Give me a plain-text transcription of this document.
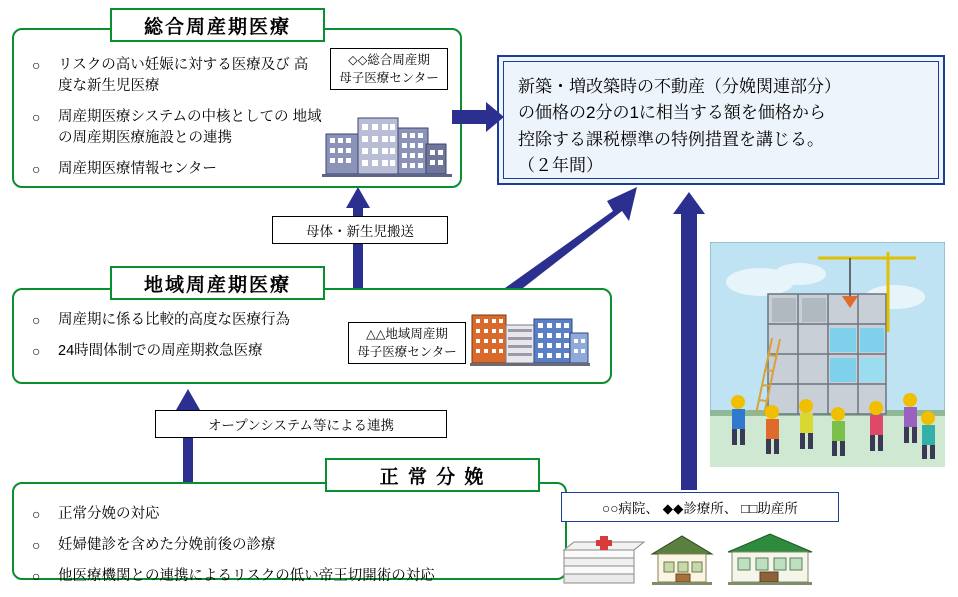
総合周産期医療
○ リスクの高い妊娠に対する医療及び 高度な新生児医療
○ 周産期医療システムの中核としての 地域の周産期医療施設との連携
○ 周産期医療情報センター
◇◇総合周産期
母子医療センター	新築・増改築時の不動産（分娩関連部分）
の価格の2分の1に相当する額を価格から
控除する課税標準の特例措置を講じる。
（２年間）
母体・新生児搬送
オープンシステム等による連携
地域周産期医療
○ 周産期に係る比較的高度な医療行為
○ 24時間体制での周産期救急医療
△△地域周産期
母子医療センター
正 常 分 娩
○ 正常分娩の対応
○ 妊婦健診を含めた分娩前後の診療
○ 他医療機関との連携によるリスクの低い帝王切開術の対応
○○病院、 ◆◆診療所、 □□助産所
